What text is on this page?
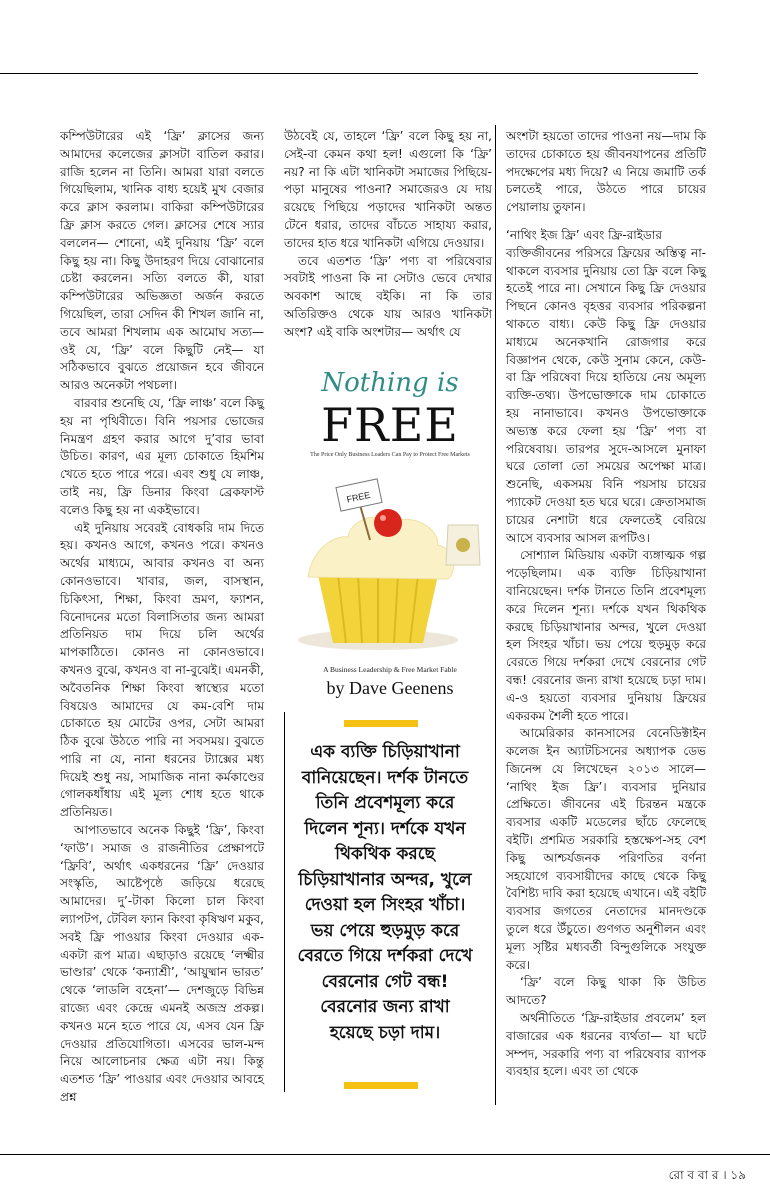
কম্পিউটারের এই ‘ফ্রি’ ক্লাসের জন্য আমাদের কলেজের ক্লাসটা বাতিল করার। রাজি হলেন না তিনি। আমরা যারা বলতে গিয়েছিলাম, খানিক বাধ্য হয়েই মুখ বেজার করে ক্লাস করলাম। বাকিরা কম্পিউটারের ফ্রি ক্লাস করতে গেল। ক্লাসের শেষে স্যার বললেন— শোনো, এই দুনিয়ায় ‘ফ্রি’ বলে কিছু হয় না। কিছু উদাহরণ দিয়ে বোঝানোর চেষ্টা করলেন। সত্যি বলতে কী, যারা কম্পিউটারের অভিজ্ঞতা অর্জন করতে গিয়েছিল, তারা সেদিন কী শিখল জানি না, তবে আমরা শিখলাম এক আমোঘ সত্য— ওই যে, ‘ফ্রি’ বলে কিছুটি নেই— যা সঠিকভাবে বুঝতে প্রয়োজন হবে জীবনে আরও অনেকটা পথচলা।

বারবার শুনেছি যে, ‘ফ্রি লাঞ্চ’ বলে কিছু হয় না পৃথিবীতে। বিনি পয়সার ভোজের নিমন্ত্রণ গ্রহণ করার আগে দু’বার ভাবা উচিত। কারণ, এর মূল্য চোকাতে হিমশিম খেতে হতে পারে পরে। এবং শুধু যে লাঞ্চ, তাই নয়, ফ্রি ডিনার কিংবা ব্রেকফাস্ট বলেও কিছু হয় না একইভাবে।

এই দুনিয়ায় সবেরই বোধকরি দাম দিতে হয়। কখনও আগে, কখনও পরে। কখনও অর্থের মাধ্যমে, আবার কখনও বা অন্য কোনওভাবে। খাবার, জল, বাসস্থান, চিকিৎসা, শিক্ষা, কিংবা ভ্রমণ, ফ্যাশন, বিনোদনের মতো বিলাসিতার জন্য আমরা প্রতিনিয়ত দাম দিয়ে চলি অর্থের মাপকাঠিতে। কোনও না কোনওভাবে। কখনও বুঝে, কখনও বা না-বুঝেই। এমনকী, অবৈতনিক শিক্ষা কিংবা স্বাস্থ্যের মতো বিষয়েও আমাদের যে কম-বেশি দাম চোকাতে হয় মোটের ওপর, সেটা আমরা ঠিক বুঝে উঠতে পারি না সবসময়। বুঝতে পারি না যে, নানা ধরনের ট্যাক্সের মধ্য দিয়েই শুধু নয়, সামাজিক নানা কর্মকাণ্ডের গোলকধাঁধায় এই মূল্য শোধ হতে থাকে প্রতিনিয়ত।

আপাতভাবে অনেক কিছুই ‘ফ্রি’, কিংবা ‘ফাউ’। সমাজ ও রাজনীতির প্রেক্ষাপটে ‘ফ্রিবি’, অর্থাৎ একধরনের ‘ফ্রি’ দেওয়ার সংস্কৃতি, আষ্টেপৃষ্ঠে জড়িয়ে ধরেছে আমাদের। দু’-টাকা কিলো চাল কিংবা ল্যাপটপ, টেবিল ফ্যান কিংবা কৃষিঋণ মকুব, সবই ফ্রি পাওয়ার কিংবা দেওয়ার এক-একটা রূপ মাত্র। এছাড়াও রয়েছে ‘লক্ষ্মীর ভাণ্ডার’ থেকে ‘কন্যাশ্রী’, ‘আয়ুষ্মান ভারত’ থেকে ‘লাডলি বহেনা’— দেশজুড়ে বিভিন্ন রাজ্যে এবং কেন্দ্রে এমনই অজস্র প্রকল্প। কখনও মনে হতে পারে যে, এসব যেন ফ্রি দেওয়ার প্রতিযোগিতা। এসবের ভাল-মন্দ নিয়ে আলোচনার ক্ষেত্র এটা নয়। কিন্তু এতশত ‘ফ্রি’ পাওয়ার এবং দেওয়ার আবহে প্রশ্ন

উঠবেই যে, তাহলে ‘ফ্রি’ বলে কিছু হয় না, সেই-বা কেমন কথা হল! এগুলো কি ‘ফ্রি’ নয়? না কি এটা খানিকটা সমাজের পিছিয়ে-পড়া মানুষের পাওনা? সমাজেরও যে দায় রয়েছে পিছিয়ে পড়াদের খানিকটা অন্তত টেনে ধরার, তাদের বাঁচতে সাহায্য করার, তাদের হাত ধরে খানিকটা এগিয়ে দেওয়ার।

তবে এতশত ‘ফ্রি’ পণ্য বা পরিষেবার সবটাই পাওনা কি না সেটাও ভেবে দেখার অবকাশ আছে বইকি। না কি তার অতিরিক্তও থেকে যায় আরও খানিকটা অংশ? এই বাকি অংশটার— অর্থাৎ যে

Nothing is
FREE
The Price Only Business Leaders Can Pay to Protect Free Markets
FREE
A Business Leadership & Free Market Fable
by Dave Geenens
এক ব্যক্তি চিড়িয়াখানা বানিয়েছেন। দর্শক টানতে তিনি প্রবেশমূল্য করে দিলেন শূন্য। দর্শকে যখন থিকথিক করছে চিড়িয়াখানার অন্দর, খুলে দেওয়া হল সিংহর খাঁচা। ভয় পেয়ে হুড়মুড় করে বেরতে গিয়ে দর্শকরা দেখে বেরনোর গেট বন্ধ! বেরনোর জন্য রাখা হয়েছে চড়া দাম।

অংশটা হয়তো তাদের পাওনা নয়—দাম কি তাদের চোকাতে হয় জীবনযাপনের প্রতিটি পদক্ষেপের মধ্য দিয়ে? এ নিয়ে জমাটি তর্ক চলতেই পারে, উঠতে পারে চায়ের পেয়ালায় তুফান।

‘নাথিং ইজ ফ্রি’ এবং ফ্রি-রাইডার

ব্যক্তিজীবনের পরিসরে ফ্রিয়ের অস্তিত্ব না-থাকলে ব্যবসার দুনিয়ায় তো ফ্রি বলে কিছু হতেই পারে না। সেখানে কিছু ফ্রি দেওয়ার পিছনে কোনও বৃহত্তর ব্যবসার পরিকল্পনা থাকতে বাধ্য। কেউ কিছু ফ্রি দেওয়ার মাধ্যমে অনেকখানি রোজগার করে বিজ্ঞাপন থেকে, কেউ সুনাম কেনে, কেউ-বা ফ্রি পরিষেবা দিয়ে হাতিয়ে নেয় অমূল্য ব্যক্তি-তথ্য। উপভোক্তাকে দাম চোকাতে হয় নানাভাবে। কখনও উপভোক্তাকে অভ্যস্ত করে ফেলা হয় ‘ফ্রি’ পণ্য বা পরিষেবায়। তারপর সুদে-আসলে মুনাফা ঘরে তোলা তো সময়ের অপেক্ষা মাত্র। শুনেছি, একসময় বিনি পয়সায় চায়ের প্যাকেট দেওয়া হত ঘরে ঘরে। ক্রেতাসমাজ চায়ের নেশাটা ধরে ফেলতেই বেরিয়ে আসে ব্যবসার আসল রূপটিও।

সোশ্যাল মিডিয়ায় একটা ব্যঙ্গাত্মক গল্প পড়েছিলাম। এক ব্যক্তি চিড়িয়াখানা বানিয়েছেন। দর্শক টানতে তিনি প্রবেশমূল্য করে দিলেন শূন্য। দর্শকে যখন থিকথিক করছে চিড়িয়াখানার অন্দর, খুলে দেওয়া হল সিংহর খাঁচা। ভয় পেয়ে হুড়মুড় করে বেরতে গিয়ে দর্শকরা দেখে বেরনোর গেট বন্ধ! বেরনোর জন্য রাখা হয়েছে চড়া দাম। এ-ও হয়তো ব্যবসার দুনিয়ায় ফ্রিয়ের একরকম শৈলী হতে পারে।

আমেরিকার কানসাসের বেনেডিক্টাইন কলেজ ইন অ্যাটচিসনের অধ্যাপক ডেভ জিনেন্স যে লিখেছেন ২০১৩ সালে— ‘নাথিং ইজ ফ্রি’। ব্যবসার দুনিয়ার প্রেক্ষিতে। জীবনের এই চিরন্তন মন্ত্রকে ব্যবসার একটি মডেলের ছাঁচে ফেলেছে বইটি। প্রশমিত সরকারি হস্তক্ষেপ-সহ বেশ কিছু আশ্চর্যজনক পরিণতির বর্ণনা সহযোগে ব্যবসায়ীদের কাছে থেকে কিছু বৈশিষ্ট্য দাবি করা হয়েছে এখানে। এই বইটি ব্যবসার জগতের নেতাদের মানদণ্ডকে তুলে ধরে উঁচুতে। গুণগত অনুশীলন এবং মূল্য সৃষ্টির মধ্যবর্তী বিন্দুগুলিকে সংযুক্ত করে।

‘ফ্রি’ বলে কিছু থাকা কি উচিত আদতে?

অর্থনীতিতে ‘ফ্রি-রাইডার প্রবলেম’ হল বাজারের এক ধরনের ব্যর্থতা— যা ঘটে সম্পদ, সরকারি পণ্য বা পরিষেবার ব্যাপক ব্যবহার হলে। এবং তা থেকে

রো ব বা র । ১৯
